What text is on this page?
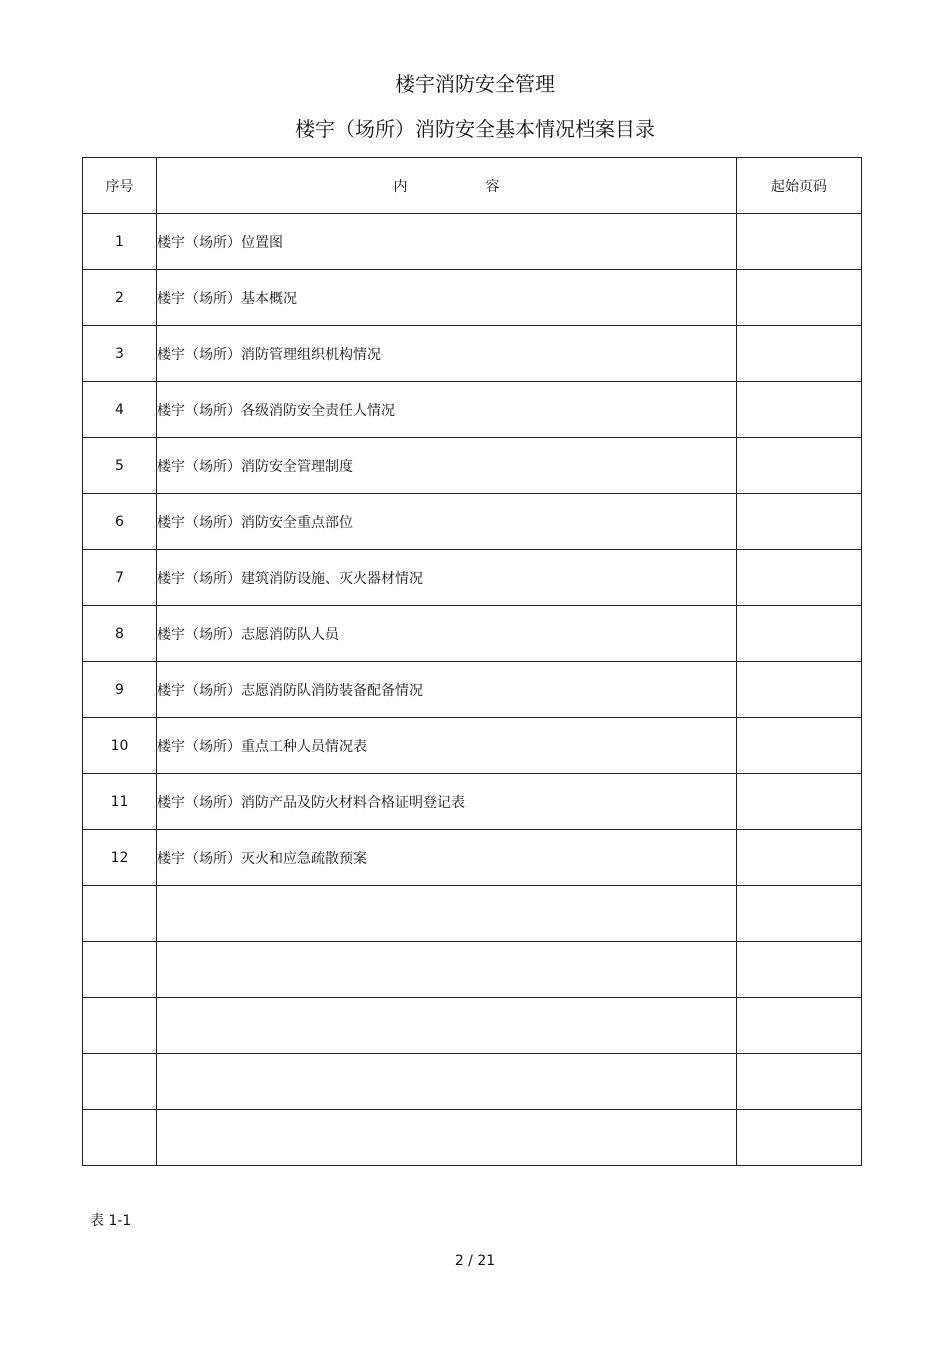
楼宇消防安全管理
楼宇（场所）消防安全基本情况档案目录
序号	内 容	起始页码
1	楼宇（场所）位置图	
2	楼宇（场所）基本概况	
3	楼宇（场所）消防管理组织机构情况	
4	楼宇（场所）各级消防安全责任人情况	
5	楼宇（场所）消防安全管理制度	
6	楼宇（场所）消防安全重点部位	
7	楼宇（场所）建筑消防设施、灭火器材情况	
8	楼宇（场所）志愿消防队人员	
9	楼宇（场所）志愿消防队消防装备配备情况	
10	楼宇（场所）重点工种人员情况表	
11	楼宇（场所）消防产品及防火材料合格证明登记表	
12	楼宇（场所）灭火和应急疏散预案	

表 1-1
2 / 21
